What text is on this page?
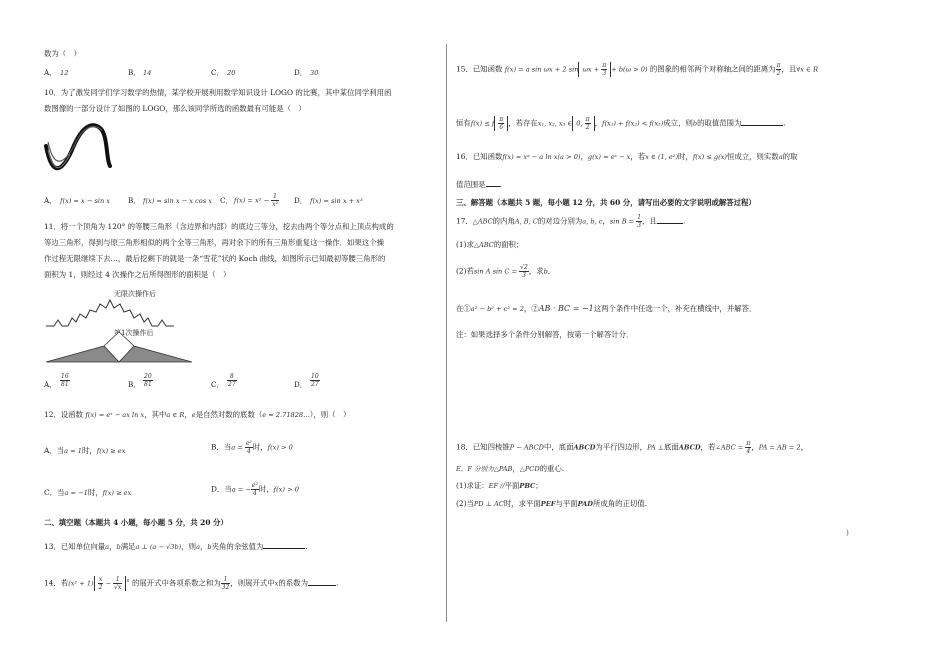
数为（　）
A． 12	B． 14	C． 20	D． 30
10．为了激发同学们学习数学的热情，某学校开展利用数学知识设计 LOGO 的比赛，其中某位同学利用函
数图像的一部分设计了如图的 LOGO，那么该同学所选的函数最有可能是（　）
A． f(x) = x − sin x B． f(x) = sin x − x cos x C． $f(x) = x^2 - \frac{1}{\text{x²}}$ D． f(x) = sin x + x³
11．将一个顶角为 120° 的等腰三角形（含边界和内部）的底边三等分，挖去由两个等分点和上顶点构成的
等边三角形，得到与原三角形相似的两个全等三角形，再对余下的所有三角形重复这一操作．如果这个操
作过程无限继续下去…，最后挖剩下的就是一条“雪花”状的 Koch 曲线，如图所示已知最初等腰三角形的
面积为 1，则经过 4 次操作之后所得图形的面积是（　）
无限次操作后
第1次操作后
A． $\frac{16}{81}$	B． $\frac{20}{81}$	C． $\frac{8}{27}$	D． $\frac{10}{27}$
12．设函数 f(x) = eˣ − ax ln x，其中a ∈ R，e是自然对数的底数（e ≈ 2.71828…），则（　）
A．当a = 1时，f(x) ≥ ex	B．当$a = \frac{\text{e²}}{4}$ 时，f(x) > 0
C．当a = −1时，f(x) ≥ ex	D．当a = − $\frac{\text{e²}}{4}$ 时，f(x) > 0
二、填空题（本题共 4 小题，每小题 5 分，共 20 分）
13．已知单位向量a，b满足a ⊥ (a − √3b)，则a，b夹角的余弦值为	.
14．若$(x^2 + 1) \frac{x}{2} - \frac{1}{√x} ^n$ 的展开式中各项系数之和为 $\frac{1}{32}$ ，则展开式中x的系数为	.
15．已知函数 f(x) = a sin ωx + 2 $\sin \omega x + \frac{\pi}{3} + b(\omega > 0)$ 的图象的相邻两个对称轴之间的距离为 $\frac{\pi}{2}$ ，且∀x ∈ R
恒有f(x) ≤ f $\frac{\pi}{6}$ ，若存在x₁, x₂, x₃ ∈ 0, $\frac{\pi}{2}$ ，f(x₁) + f(x₂) < f(x₃)成立，则b的取值范围为	.
16．已知函数f(x) = xᵃ − a ln x(a > 0)，g(x) = eˣ − x，若x ∈ (1, e²)时，f(x) ≤ g(x)恒成立，则实数a的取
值范围是 .
三、解答题（本题共 5 题，每小题 12 分，共 60 分，请写出必要的文字说明或解答过程）
17．△ABC的内角A, B, C的对边分别为a, b, c，$\sin B = \frac{1}{3}$ ，且	.
(1)求△ABC的面积；
(2)若sin A $\sin C = \frac{√2}{3}$ ，求b．
在①a² − b² + c² = 2，②AB · BC = −1这两个条件中任选一个，补充在横线中，并解答．
注：如果选择多个条件分别解答，按第一个解答计分．
18．已知四棱锥P − ABCD中，底面ABCD为平行四边形，PA ⊥底面ABCD，若∠ABC = $\frac{\pi}{4}$ ，PA = AB = 2，
E，F 分别为△PAB，△PCD的重心.
(1)求证：EF //平面PBC；
(2)当PD ⊥ AC时，求平面PEF与平面PAD所成角的正切值.
)
